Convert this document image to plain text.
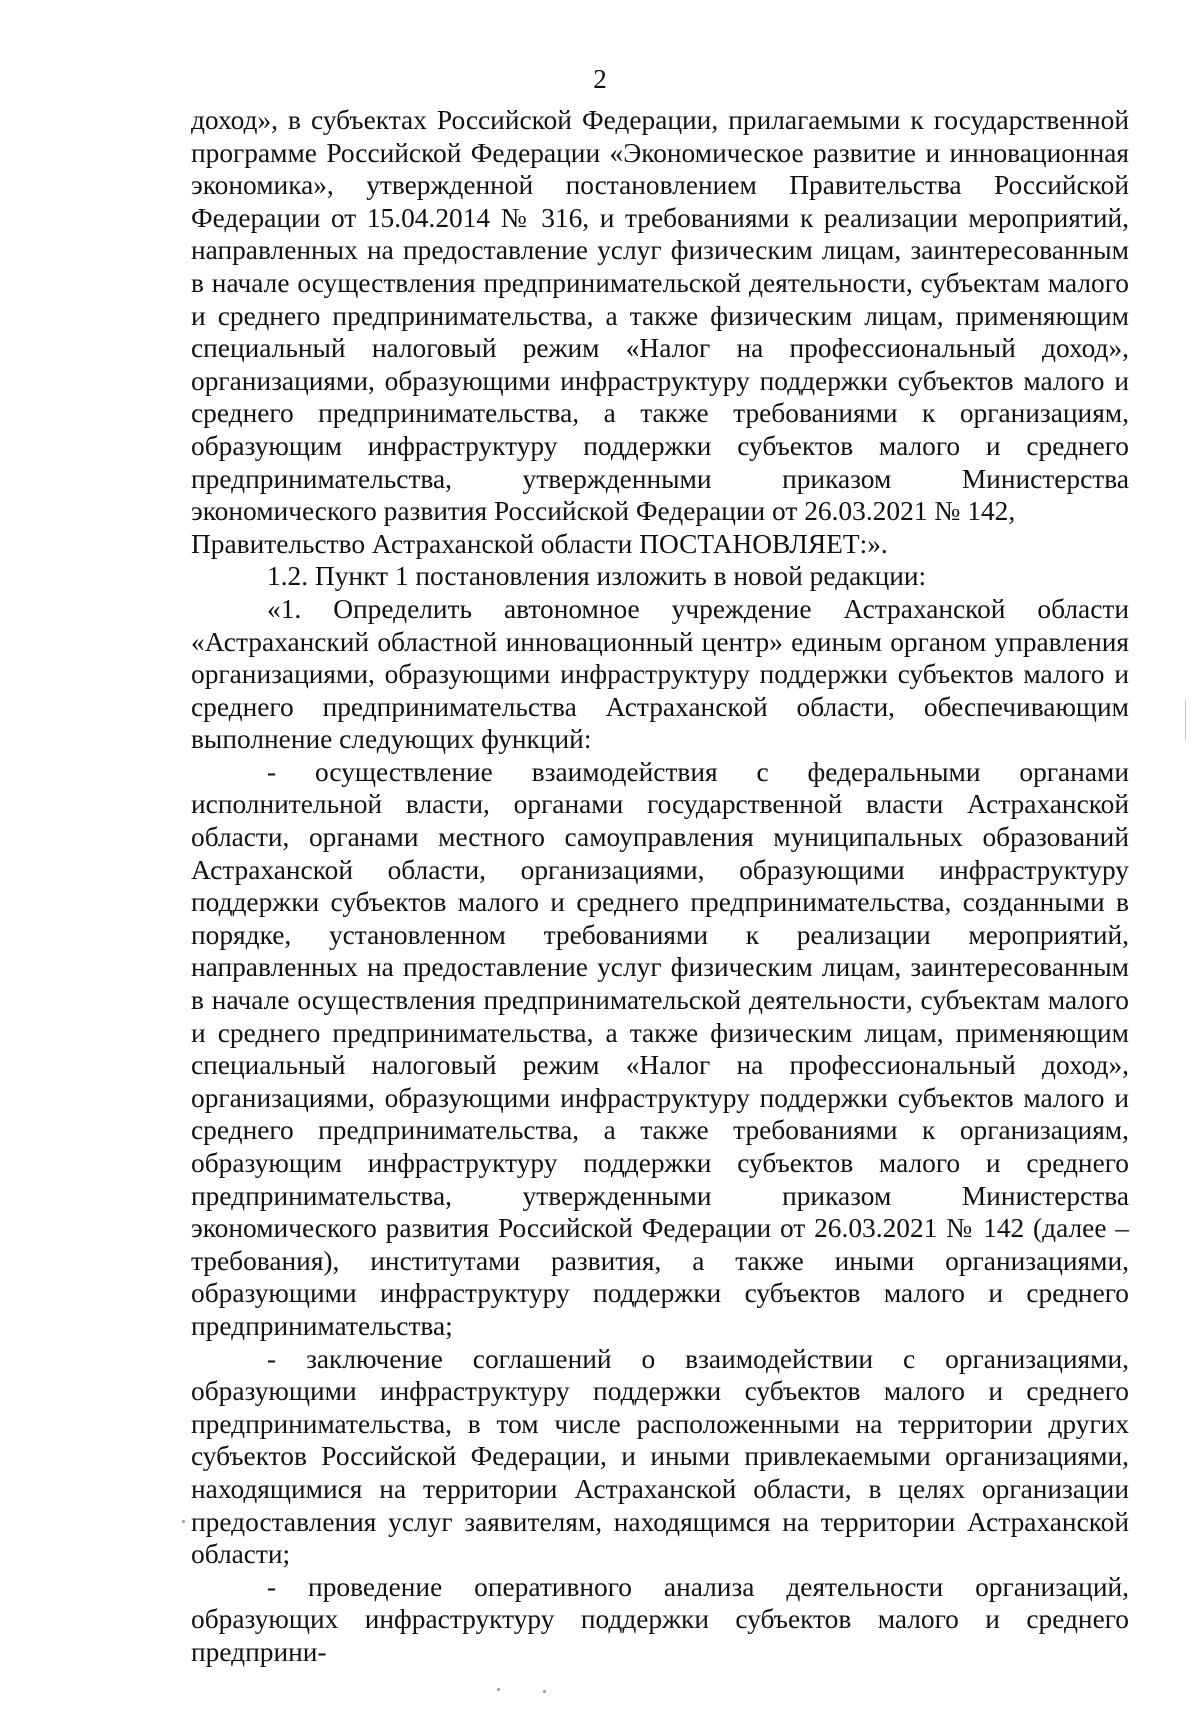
2

доход», в субъектах Российской Федерации, прилагаемыми к государственной программе Российской Федерации «Экономическое развитие и инновационная экономика», утвержденной постановлением Правительства Российской Федерации от 15.04.2014 № 316, и требованиями к реализации мероприятий, направленных на предоставление услуг физическим лицам, заинтересованным в начале осуществления предпринимательской деятельности, субъектам малого и среднего предпринимательства, а также физическим лицам, применяющим специальный налоговый режим «Налог на профессиональный доход», организациями, образующими инфраструктуру поддержки субъектов малого и среднего предпринимательства, а также требованиями к организациям, образующим инфраструктуру поддержки субъектов малого и среднего предпринимательства, утвержденными приказом Министерства экономического развития Российской Федерации от 26.03.2021 № 142,

Правительство Астраханской области ПОСТАНОВЛЯЕТ:».

1.2. Пункт 1 постановления изложить в новой редакции:

«1. Определить автономное учреждение Астраханской области «Астраханский областной инновационный центр» единым органом управления организациями, образующими инфраструктуру поддержки субъектов малого и среднего предпринимательства Астраханской области, обеспечивающим выполнение следующих функций:

- осуществление взаимодействия с федеральными органами исполнительной власти, органами государственной власти Астраханской области, органами местного самоуправления муниципальных образований Астраханской области, организациями, образующими инфраструктуру поддержки субъектов малого и среднего предпринимательства, созданными в порядке, установленном требованиями к реализации мероприятий, направленных на предоставление услуг физическим лицам, заинтересованным в начале осуществления предпринимательской деятельности, субъектам малого и среднего предпринимательства, а также физическим лицам, применяющим специальный налоговый режим «Налог на профессиональный доход», организациями, образующими инфраструктуру поддержки субъектов малого и среднего предпринимательства, а также требованиями к организациям, образующим инфраструктуру поддержки субъектов малого и среднего предпринимательства, утвержденными приказом Министерства экономического развития Российской Федерации от 26.03.2021 № 142 (далее – требования), институтами развития, а также иными организациями, образующими инфраструктуру поддержки субъектов малого и среднего предпринимательства;

- заключение соглашений о взаимодействии с организациями, образующими инфраструктуру поддержки субъектов малого и среднего предпринимательства, в том числе расположенными на территории других субъектов Российской Федерации, и иными привлекаемыми организациями, находящимися на территории Астраханской области, в целях организации предоставления услуг заявителям, находящимся на территории Астраханской области;

- проведение оперативного анализа деятельности организаций, образующих инфраструктуру поддержки субъектов малого и среднего предприни-
